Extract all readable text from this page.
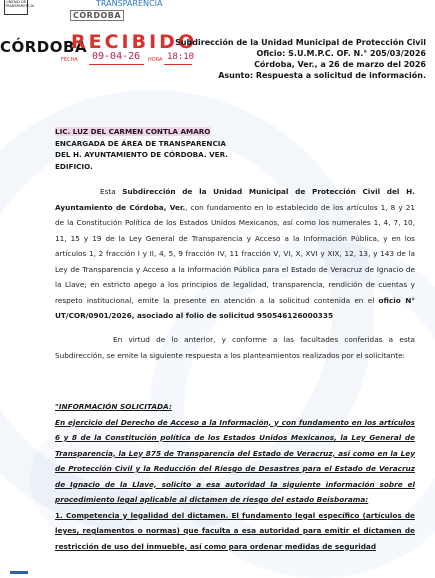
UNIDAD DE TRANSPARENCIA
CÓRDOBA
TRANSPARENCIA
CÓRDOBA
RECIBIDO
FECHA 09-04-26 HORA 18:10
Subdirección de la Unidad Municipal de Protección Civil
Oficio: S.U.M.P.C. OF. N.° 205/03/2026
Córdoba, Ver., a 26 de marzo del 2026
Asunto: Respuesta a solicitud de información.
LIC. LUZ DEL CARMEN CONTLA AMARO
ENCARGADA DE ÁREA DE TRANSPARENCIA
DEL H. AYUNTAMIENTO DE CÓRDOBA. VER.
EDIFICIO.
Esta Subdirección de la Unidad Municipal de Protección Civil del H. Ayuntamiento de Córdoba, Ver., con fundamento en lo establecido de los artículos 1, 8 y 21 de la Constitución Política de los Estados Unidos Mexicanos, así como los numerales 1, 4, 7, 10, 11, 15 y 19 de la Ley General de Transparencia y Acceso a la Información Pública, y en los artículos 1, 2 fracción I y II, 4, 5, 9 fracción IV, 11 fracción V, VI, X, XVI y XIX, 12, 13, y 143 de la Ley de Transparencia y Acceso a la Información Pública para el Estado de Veracruz de Ignacio de la Llave; en estricto apego a los principios de legalidad, transparencia, rendición de cuentas y respeto institucional, emite la presente en atención a la solicitud contenida en el oficio N° UT/COR/0901/2026, asociado al folio de solicitud 950546126000335
En virtud de lo anterior, y conforme a las facultades conferidas a esta Subdirección, se emite la siguiente respuesta a los planteamientos realizados por el solicitante:
"INFORMACIÓN SOLICITADA:
En ejercicio del Derecho de Acceso a la Información, y con fundamento en los artículos 6 y 8 de la Constitución política de los Estados Unidos Mexicanos, la Ley General de Transparencia, la Ley 875 de Transparencia del Estado de Veracruz, así como en la Ley de Protección Civil y la Reducción del Riesgo de Desastres para el Estado de Veracruz de Ignacio de la Llave, solicito a esa autoridad la siguiente información sobre el procedimiento legal aplicable al dictamen de riesgo del estado Beisborama:
1. Competencia y legalidad del dictamen. El fundamento legal específico (artículos de leyes, reglamentos o normas) que faculta a esa autoridad para emitir el dictamen de restricción de uso del inmueble, así como para ordenar medidas de seguridad
